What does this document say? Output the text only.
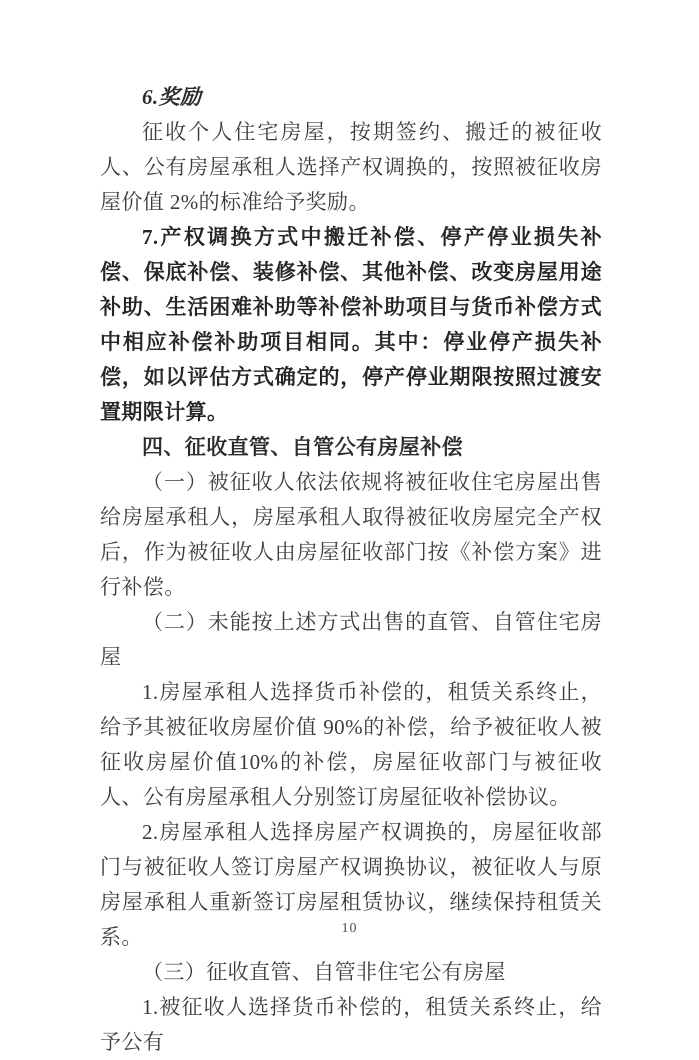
6.奖励

征收个人住宅房屋，按期签约、搬迁的被征收人、公有房屋承租人选择产权调换的，按照被征收房屋价值 2%的标准给予奖励。

7.产权调换方式中搬迁补偿、停产停业损失补偿、保底补偿、装修补偿、其他补偿、改变房屋用途补助、生活困难补助等补偿补助项目与货币补偿方式中相应补偿补助项目相同。其中：停业停产损失补偿，如以评估方式确定的，停产停业期限按照过渡安置期限计算。

四、征收直管、自管公有房屋补偿

（一）被征收人依法依规将被征收住宅房屋出售给房屋承租人，房屋承租人取得被征收房屋完全产权后，作为被征收人由房屋征收部门按《补偿方案》进行补偿。

（二）未能按上述方式出售的直管、自管住宅房屋

1.房屋承租人选择货币补偿的，租赁关系终止，给予其被征收房屋价值 90%的补偿，给予被征收人被征收房屋价值10%的补偿，房屋征收部门与被征收人、公有房屋承租人分别签订房屋征收补偿协议。

2.房屋承租人选择房屋产权调换的，房屋征收部门与被征收人签订房屋产权调换协议，被征收人与原房屋承租人重新签订房屋租赁协议，继续保持租赁关系。

（三）征收直管、自管非住宅公有房屋

1.被征收人选择货币补偿的，租赁关系终止，给予公有

10
